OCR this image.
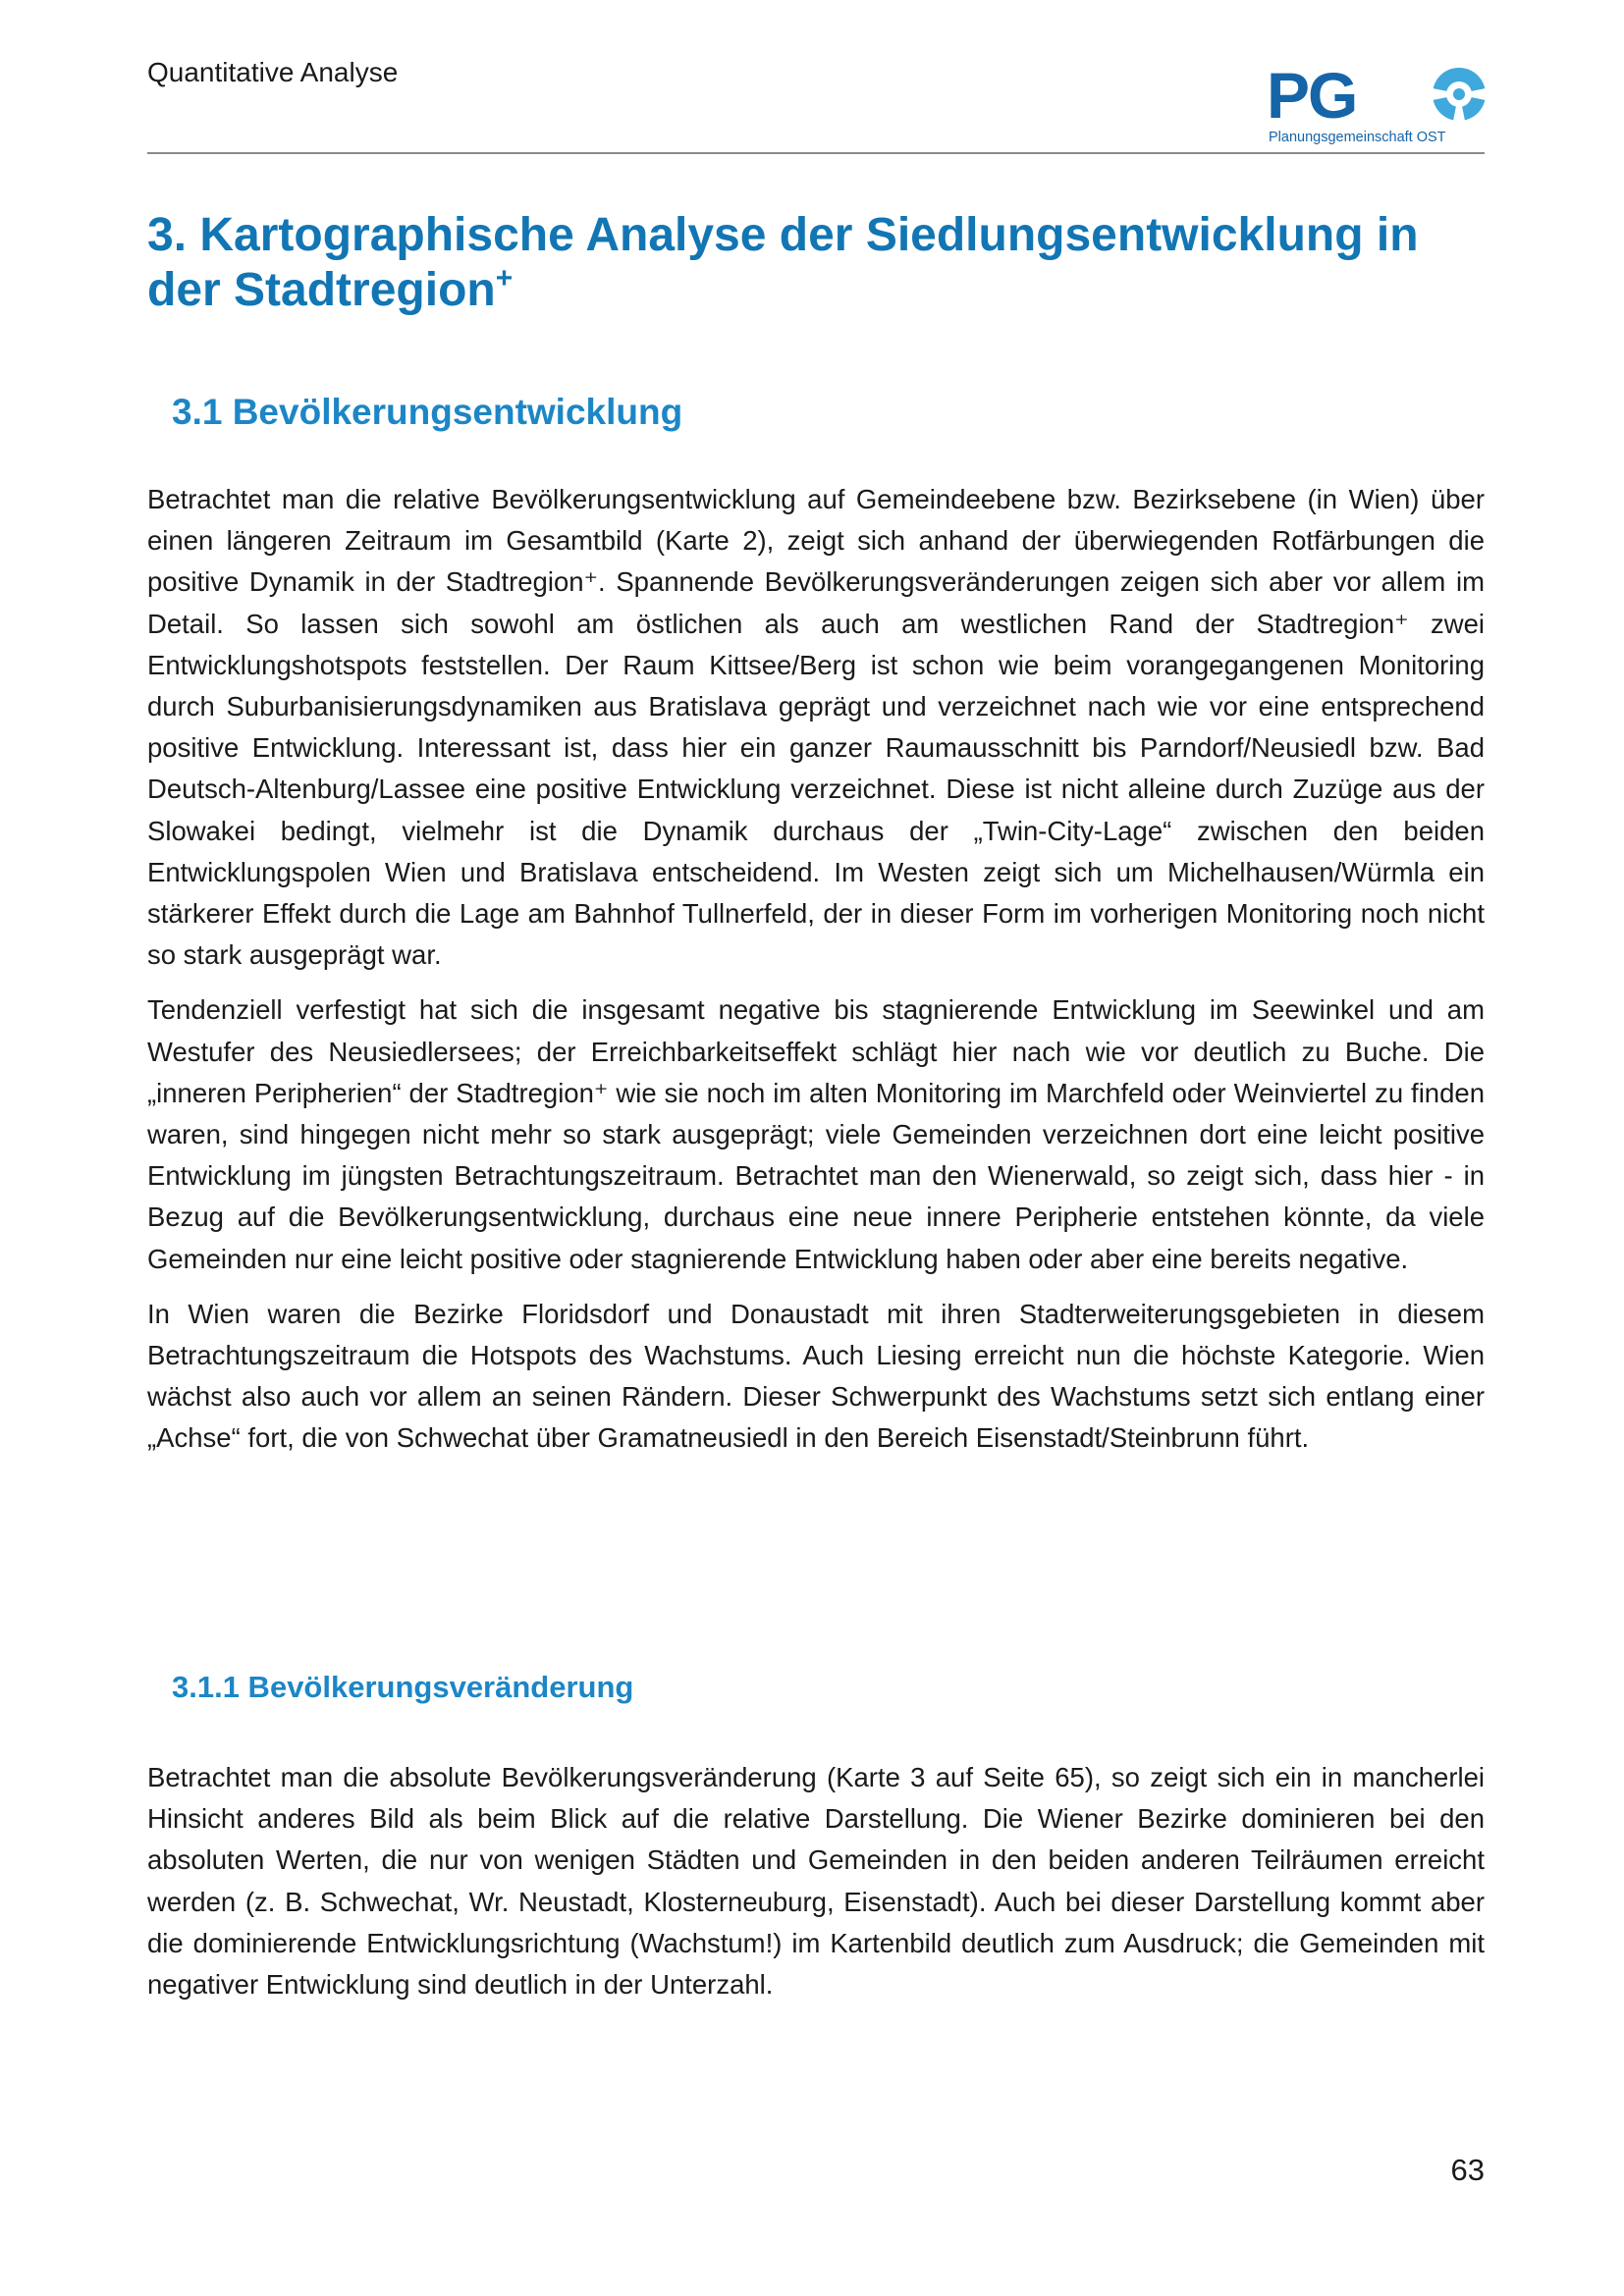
Quantitative Analyse	PG
Planungsgemeinschaft OST
3. Kartographische Analyse der Siedlungsentwicklung in der Stadtregion+
3.1 Bevölkerungsentwicklung

Betrachtet man die relative Bevölkerungsentwicklung auf Gemeindeebene bzw. Bezirksebene (in Wien) über einen längeren Zeitraum im Gesamtbild (Karte 2), zeigt sich anhand der überwiegenden Rotfärbungen die positive Dynamik in der Stadtregion⁺. Spannende Bevölkerungsveränderungen zeigen sich aber vor allem im Detail. So lassen sich sowohl am östlichen als auch am westlichen Rand der Stadtregion⁺ zwei Entwicklungshotspots feststellen. Der Raum Kittsee/Berg ist schon wie beim vorangegangenen Monitoring durch Suburbanisierungsdynamiken aus Bratislava geprägt und verzeichnet nach wie vor eine entsprechend positive Entwicklung. Interessant ist, dass hier ein ganzer Raumausschnitt bis Parndorf/Neusiedl bzw. Bad Deutsch-Altenburg/Lassee eine positive Entwicklung verzeichnet. Diese ist nicht alleine durch Zuzüge aus der Slowakei bedingt, vielmehr ist die Dynamik durchaus der „Twin-City-Lage“ zwischen den beiden Entwicklungspolen Wien und Bratislava entscheidend. Im Westen zeigt sich um Michelhausen/Würmla ein stärkerer Effekt durch die Lage am Bahnhof Tullnerfeld, der in dieser Form im vorherigen Monitoring noch nicht so stark ausgeprägt war.

Tendenziell verfestigt hat sich die insgesamt negative bis stagnierende Entwicklung im Seewinkel und am Westufer des Neusiedlersees; der Erreichbarkeitseffekt schlägt hier nach wie vor deutlich zu Buche. Die „inneren Peripherien“ der Stadtregion⁺ wie sie noch im alten Monitoring im Marchfeld oder Weinviertel zu finden waren, sind hingegen nicht mehr so stark ausgeprägt; viele Gemeinden verzeichnen dort eine leicht positive Entwicklung im jüngsten Betrachtungszeitraum. Betrachtet man den Wienerwald, so zeigt sich, dass hier - in Bezug auf die Bevölkerungsentwicklung, durchaus eine neue innere Peripherie entstehen könnte, da viele Gemeinden nur eine leicht positive oder stagnierende Entwicklung haben oder aber eine bereits negative.

In Wien waren die Bezirke Floridsdorf und Donaustadt mit ihren Stadterweiterungsgebieten in diesem Betrachtungszeitraum die Hotspots des Wachstums. Auch Liesing erreicht nun die höchste Kategorie. Wien wächst also auch vor allem an seinen Rändern. Dieser Schwerpunkt des Wachstums setzt sich entlang einer „Achse“ fort, die von Schwechat über Gramatneusiedl in den Bereich Eisenstadt/​Steinbrunn führt.

3.1.1 Bevölkerungsveränderung

Betrachtet man die absolute Bevölkerungsveränderung (Karte 3 auf Seite 65), so zeigt sich ein in mancherlei Hinsicht anderes Bild als beim Blick auf die relative Darstellung. Die Wiener Bezirke dominieren bei den absoluten Werten, die nur von wenigen Städten und Gemeinden in den beiden anderen Teilräumen erreicht werden (z. B. Schwechat, Wr. Neustadt, Klosterneuburg, Eisenstadt). Auch bei dieser Darstellung kommt aber die dominierende Entwicklungsrichtung (Wachstum!) im Kartenbild deutlich zum Ausdruck; die Gemeinden mit negativer Entwicklung sind deutlich in der Unterzahl.

63
